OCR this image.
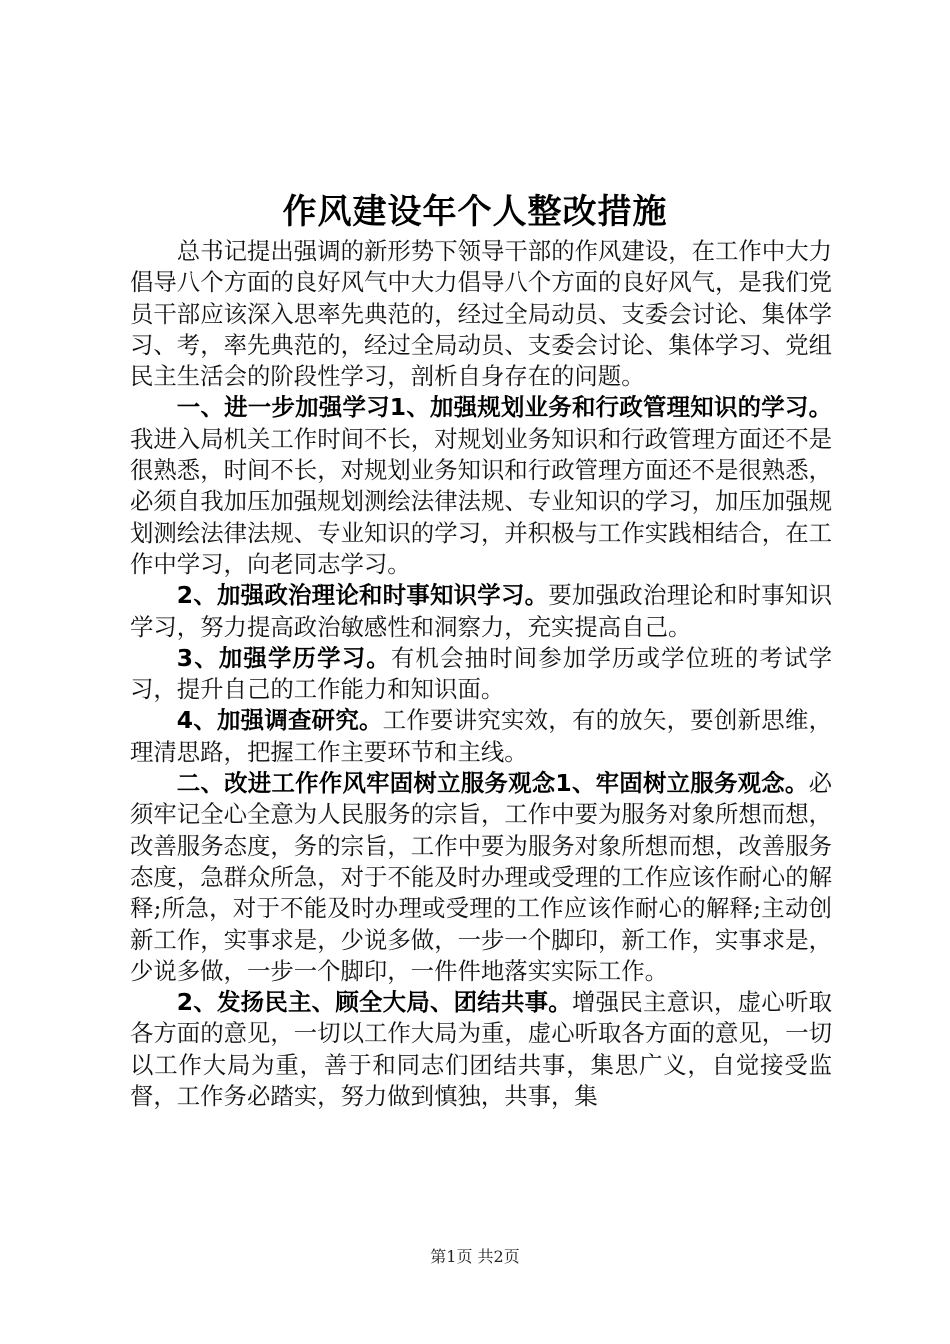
作风建设年个人整改措施

总书记提出强调的新形势下领导干部的作风建设，在工作中大力倡导八个方面的良好风气中大力倡导八个方面的良好风气，是我们党员干部应该深入思率先典范的，经过全局动员、支委会讨论、集体学习、考，率先典范的，经过全局动员、支委会讨论、集体学习、党组民主生活会的阶段性学习，剖析自身存在的问题。

一、进一步加强学习1、加强规划业务和行政管理知识的学习。我进入局机关工作时间不长，对规划业务知识和行政管理方面还不是很熟悉，时间不长，对规划业务知识和行政管理方面还不是很熟悉，必须自我加压加强规划测绘法律法规、专业知识的学习，加压加强规划测绘法律法规、专业知识的学习，并积极与工作实践相结合，在工作中学习，向老同志学习。

2、加强政治理论和时事知识学习。要加强政治理论和时事知识学习，努力提高政治敏感性和洞察力，充实提高自己。

3、加强学历学习。有机会抽时间参加学历或学位班的考试学习，提升自己的工作能力和知识面。

4、加强调查研究。工作要讲究实效，有的放矢，要创新思维，理清思路，把握工作主要环节和主线。

二、改进工作作风牢固树立服务观念1、牢固树立服务观念。必须牢记全心全意为人民服务的宗旨，工作中要为服务对象所想而想，改善服务态度，务的宗旨，工作中要为服务对象所想而想，改善服务态度，急群众所急，对于不能及时办理或受理的工作应该作耐心的解释;所急，对于不能及时办理或受理的工作应该作耐心的解释;主动创新工作，实事求是，少说多做，一步一个脚印，新工作，实事求是，少说多做，一步一个脚印，一件件地落实实际工作。

2、发扬民主、顾全大局、团结共事。增强民主意识，虚心听取各方面的意见，一切以工作大局为重，虚心听取各方面的意见，一切以工作大局为重，善于和同志们团结共事，集思广义，自觉接受监督，工作务必踏实，努力做到慎独，共事，集

第1页 共2页
